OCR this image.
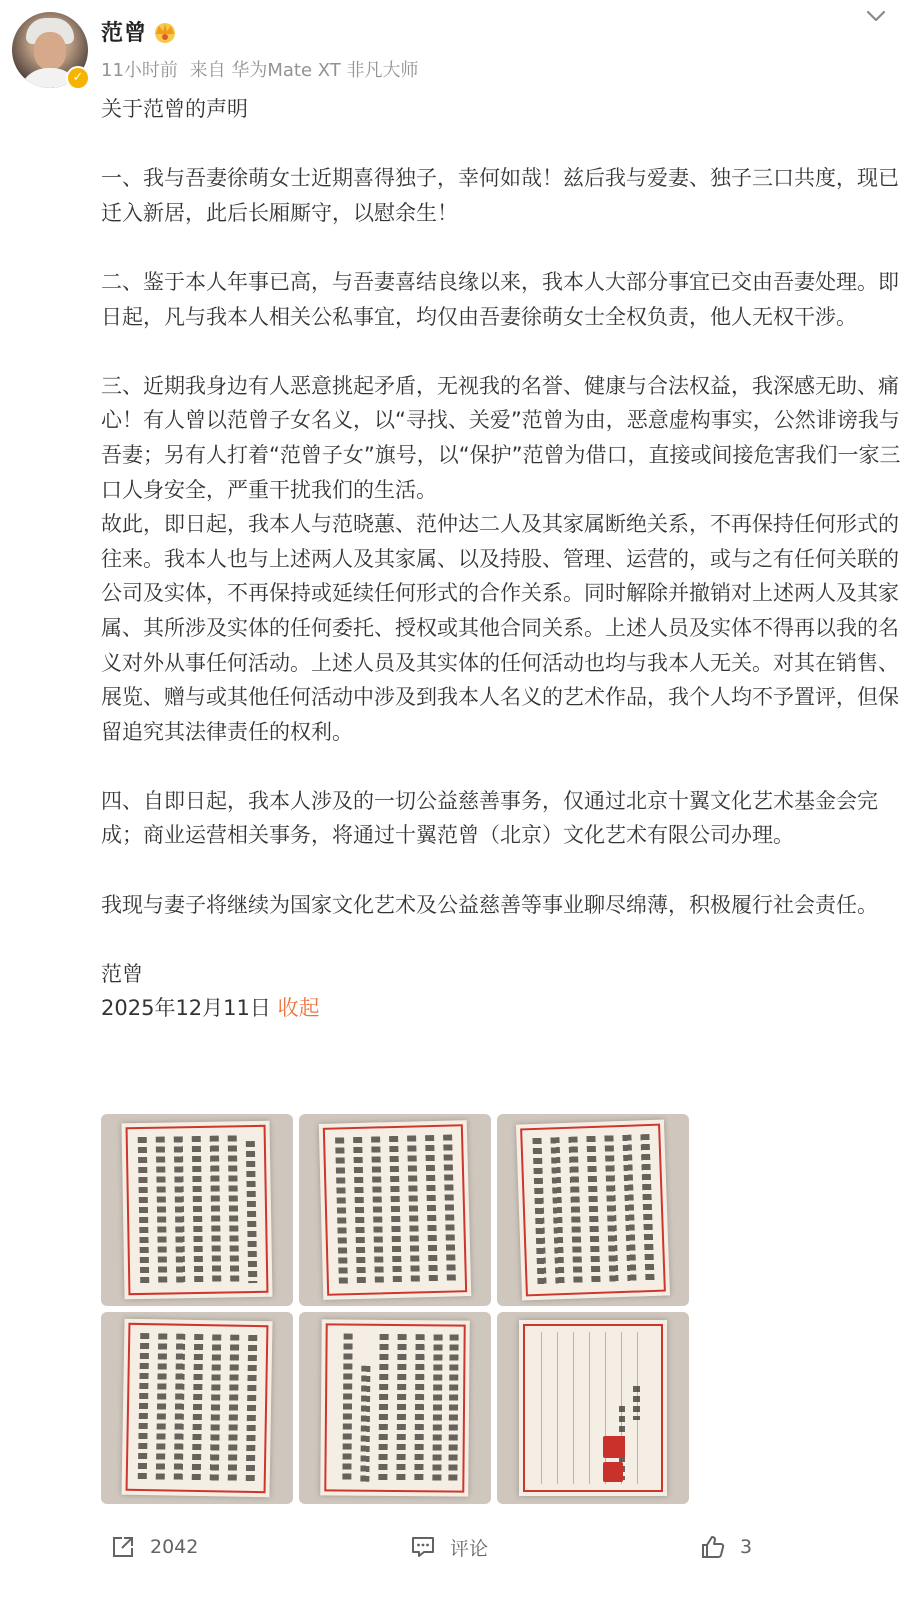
✓
范曾
11小时前 来自 华为Mate XT 非凡大师

关于范曾的声明

一、我与吾妻徐萌女士近期喜得独子，幸何如哉！兹后我与爱妻、独子三口共度，现已迁入新居，此后长厢厮守，以慰余生！

二、鉴于本人年事已高，与吾妻喜结良缘以来，我本人大部分事宜已交由吾妻处理。即日起，凡与我本人相关公私事宜，均仅由吾妻徐萌女士全权负责，他人无权干涉。

三、近期我身边有人恶意挑起矛盾，无视我的名誉、健康与合法权益，我深感无助、痛心！有人曾以范曾子女名义，以“寻找、关爱”范曾为由，恶意虚构事实，公然诽谤我与吾妻；另有人打着“范曾子女”旗号，以“保护”范曾为借口，直接或间接危害我们一家三口人身安全，严重干扰我们的生活。

故此，即日起，我本人与范晓蕙、范仲达二人及其家属断绝关系，不再保持任何形式的往来。我本人也与上述两人及其家属、以及持股、管理、运营的，或与之有任何关联的公司及实体，不再保持或延续任何形式的合作关系。同时解除并撤销对上述两人及其家属、其所涉及实体的任何委托、授权或其他合同关系。上述人员及实体不得再以我的名义对外从事任何活动。上述人员及其实体的任何活动也均与我本人无关。对其在销售、展览、赠与或其他任何活动中涉及到我本人名义的艺术作品，我个人均不予置评，但保留追究其法律责任的权利。

四、自即日起，我本人涉及的一切公益慈善事务，仅通过北京十翼文化艺术基金会完成；商业运营相关事务，将通过十翼范曾（北京）文化艺术有限公司办理。

我现与妻子将继续为国家文化艺术及公益慈善等事业聊尽绵薄，积极履行社会责任。

范曾

2025年12月11日 收起

2042	评论	3
